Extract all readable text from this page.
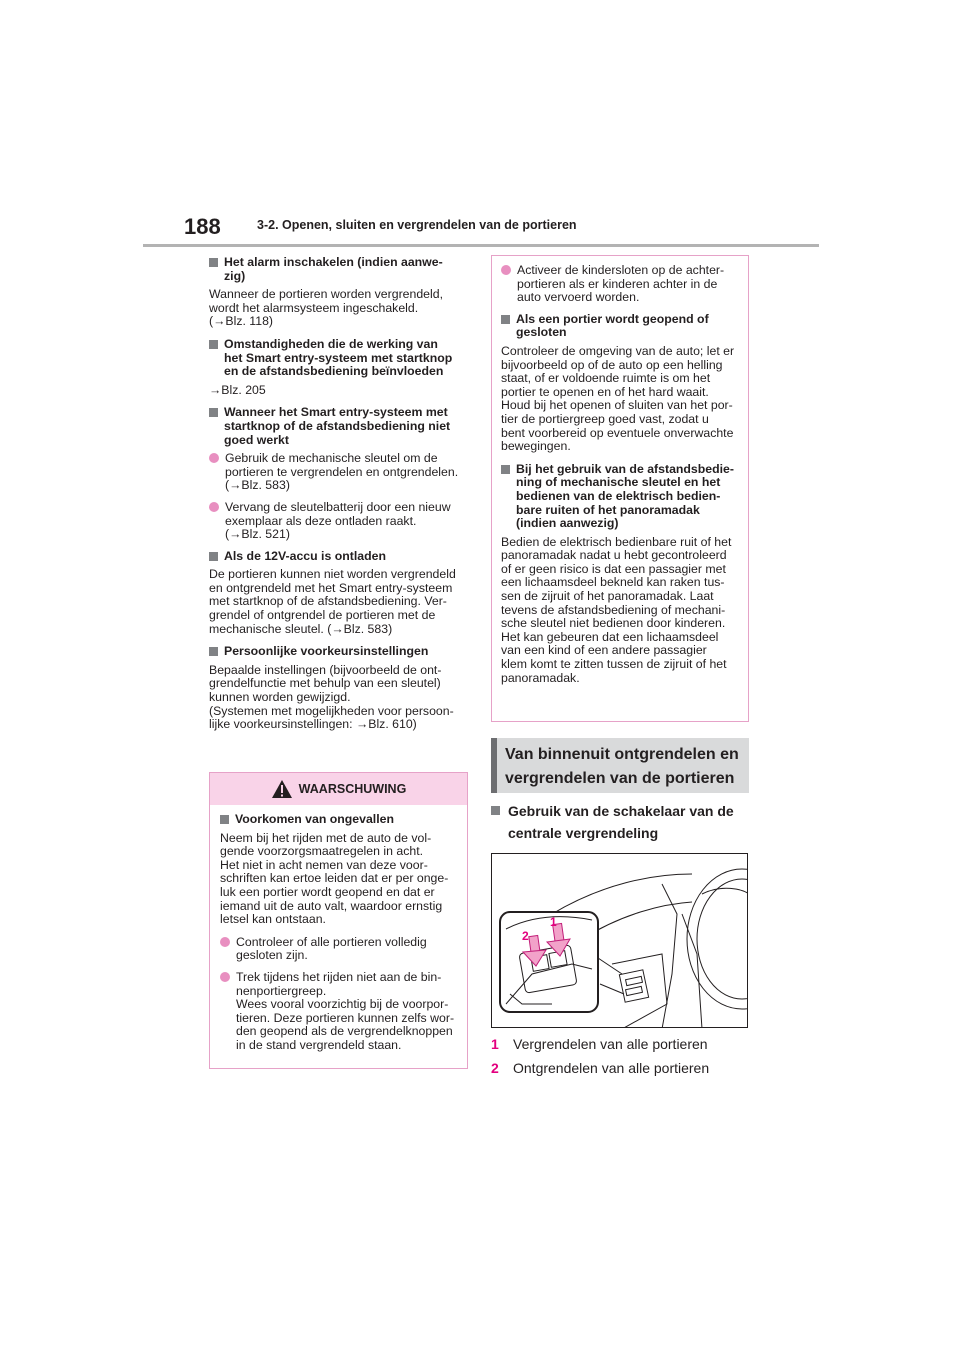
188	3-2. Openen, sluiten en vergrendelen van de portieren
Het alarm inschakelen (indien aanwe-
zig)
Wanneer de portieren worden vergrendeld,
wordt het alarmsysteem ingeschakeld.
(→Blz. 118)
Omstandigheden die de werking van
het Smart entry-systeem met startknop
en de afstandsbediening beïnvloeden
→Blz. 205
Wanneer het Smart entry-systeem met
startknop of de afstandsbediening niet
goed werkt
Gebruik de mechanische sleutel om de
portieren te vergrendelen en ontgrendelen.
(→Blz. 583)
Vervang de sleutelbatterij door een nieuw
exemplaar als deze ontladen raakt.
(→Blz. 521)
Als de 12V-accu is ontladen
De portieren kunnen niet worden vergrendeld
en ontgrendeld met het Smart entry-systeem
met startknop of de afstandsbediening. Ver-
grendel of ontgrendel de portieren met de
mechanische sleutel. (→Blz. 583)
Persoonlijke voorkeursinstellingen
Bepaalde instellingen (bijvoorbeeld de ont-
grendelfunctie met behulp van een sleutel)
kunnen worden gewijzigd.
(Systemen met mogelijkheden voor persoon-
lijke voorkeursinstellingen: →Blz. 610)
WAARSCHUWING
Voorkomen van ongevallen
Neem bij het rijden met de auto de vol-
gende voorzorgsmaatregelen in acht.
Het niet in acht nemen van deze voor-
schriften kan ertoe leiden dat er per onge-
luk een portier wordt geopend en dat er
iemand uit de auto valt, waardoor ernstig
letsel kan ontstaan.
Controleer of alle portieren volledig
gesloten zijn.
Trek tijdens het rijden niet aan de bin-
nenportiergreep.
Wees vooral voorzichtig bij de voorpor-
tieren. Deze portieren kunnen zelfs wor-
den geopend als de vergrendelknoppen
in de stand vergrendeld staan.
Activeer de kindersloten op de achter-
portieren als er kinderen achter in de
auto vervoerd worden.
Als een portier wordt geopend of
gesloten
Controleer de omgeving van de auto; let er
bijvoorbeeld op of de auto op een helling
staat, of er voldoende ruimte is om het
portier te openen en of het hard waait.
Houd bij het openen of sluiten van het por-
tier de portiergreep goed vast, zodat u
bent voorbereid op eventuele onverwachte
bewegingen.
Bij het gebruik van de afstandsbedie-
ning of mechanische sleutel en het
bedienen van de elektrisch bedien-
bare ruiten of het panoramadak
(indien aanwezig)
Bedien de elektrisch bedienbare ruit of het
panoramadak nadat u hebt gecontroleerd
of er geen risico is dat een passagier met
een lichaamsdeel bekneld kan raken tus-
sen de zijruit of het panoramadak. Laat
tevens de afstandsbediening of mechani-
sche sleutel niet bedienen door kinderen.
Het kan gebeuren dat een lichaamsdeel
van een kind of een andere passagier
klem komt te zitten tussen de zijruit of het
panoramadak.
Van binnenuit ontgrendelen en
vergrendelen van de portieren
Gebruik van de schakelaar van de
centrale vergrendeling
1
2
1	Vergrendelen van alle portieren
2	Ontgrendelen van alle portieren
